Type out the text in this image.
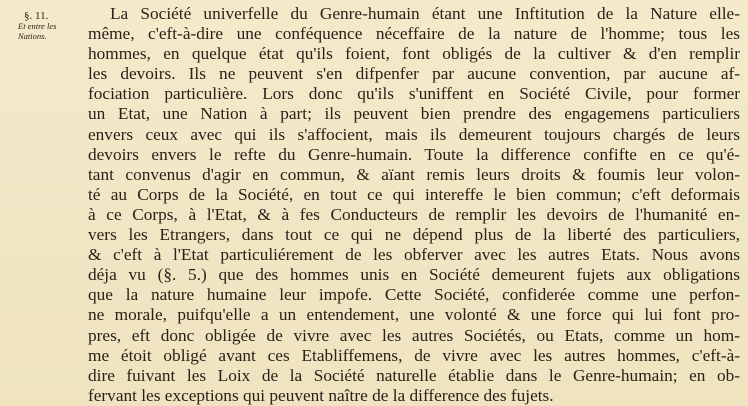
§. 11.
Et entre les
Nations.
La Société univerfelle du Genre-humain étant une Inftitution de la Nature elle-
même, c'eft-à-dire une conféquence néceffaire de la nature de l'homme; tous les
hommes, en quelque état qu'ils foient, font obligés de la cultiver & d'en remplir
les devoirs. Ils ne peuvent s'en difpenfer par aucune convention, par aucune af-
fociation particulière. Lors donc qu'ils s'uniffent en Société Civile, pour former
un Etat, une Nation à part; ils peuvent bien prendre des engagemens particuliers
envers ceux avec qui ils s'affocient, mais ils demeurent toujours chargés de leurs
devoirs envers le refte du Genre-humain. Toute la difference confifte en ce qu'é-
tant convenus d'agir en commun, & aïant remis leurs droits & foumis leur volon-
té au Corps de la Société, en tout ce qui intereffe le bien commun; c'eft deformais
à ce Corps, à l'Etat, & à fes Conducteurs de remplir les devoirs de l'humanité en-
vers les Etrangers, dans tout ce qui ne dépend plus de la liberté des particuliers,
& c'eft à l'Etat particuliérement de les obferver avec les autres Etats. Nous avons
déja vu (§. 5.) que des hommes unis en Société demeurent fujets aux obligations
que la nature humaine leur impofe. Cette Société, confiderée comme une perfon-
ne morale, puifqu'elle a un entendement, une volonté & une force qui lui font pro-
pres, eft donc obligée de vivre avec les autres Sociétés, ou Etats, comme un hom-
me étoit obligé avant ces Etabliffemens, de vivre avec les autres hommes, c'eft-à-
dire fuivant les Loix de la Société naturelle établie dans le Genre-humain; en ob-
fervant les exceptions qui peuvent naître de la difference des fujets.
